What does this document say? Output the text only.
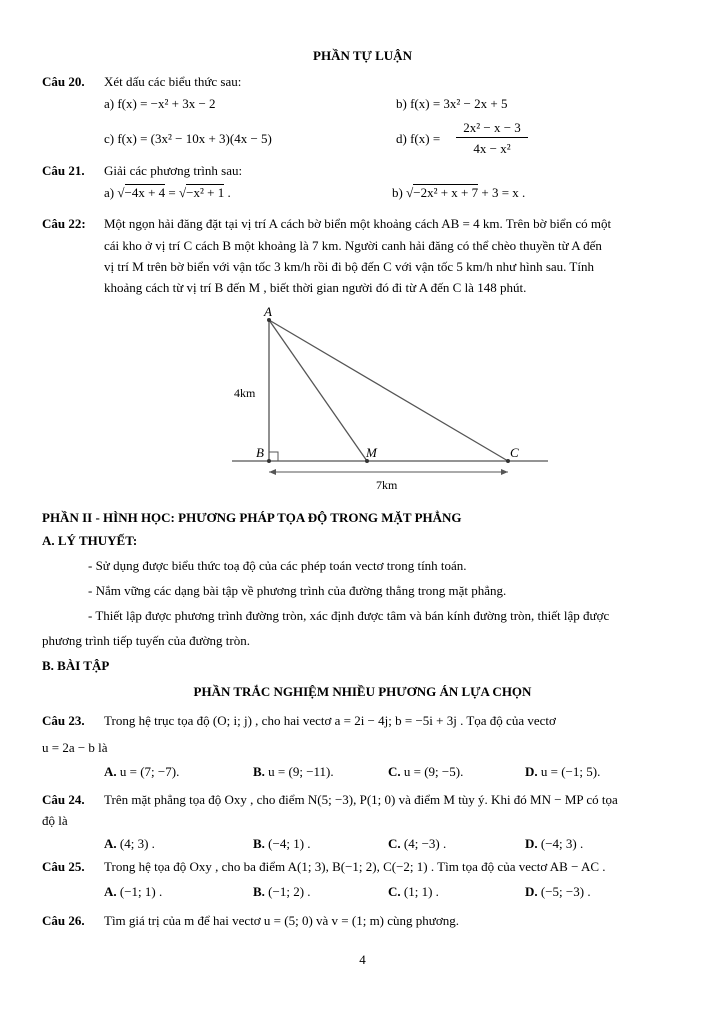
PHẦN TỰ LUẬN
Câu 20. Xét dấu các biểu thức sau:
a) f(x) = −x² + 3x − 2	b) f(x) = 3x² − 2x + 5
c) f(x) = (3x² − 10x + 3)(4x − 5)	d) f(x) =
2x² − x − 3
4x − x²
Câu 21. Giải các phương trình sau:
a) √−4x + 4 = √−x² + 1 .	b) √−2x² + x + 7 + 3 = x .
Câu 22: Một ngọn hải đăng đặt tại vị trí A cách bờ biển một khoảng cách AB = 4 km. Trên bờ biển có một
cái kho ở vị trí C cách B một khoảng là 7 km. Người canh hải đăng có thể chèo thuyền từ A đến
vị trí M trên bờ biển với vận tốc 3 km/h rồi đi bộ đến C với vận tốc 5 km/h như hình sau. Tính
khoảng cách từ vị trí B đến M , biết thời gian người đó đi từ A đến C là 148 phút.
A
B	M	C
4km
7km
PHẦN II - HÌNH HỌC: PHƯƠNG PHÁP TỌA ĐỘ TRONG MẶT PHẲNG
A. LÝ THUYẾT:
- Sử dụng được biểu thức toạ độ của các phép toán vectơ trong tính toán.
- Nắm vững các dạng bài tập về phương trình của đường thẳng trong mặt phẳng.
- Thiết lập được phương trình đường tròn, xác định được tâm và bán kính đường tròn, thiết lập được
phương trình tiếp tuyến của đường tròn.
B. BÀI TẬP
PHẦN TRẮC NGHIỆM NHIỀU PHƯƠNG ÁN LỰA CHỌN
Câu 23. Trong hệ trục tọa độ (O; i; j) , cho hai vectơ a = 2i − 4j; b = −5i + 3j . Tọa độ của vectơ
u = 2a − b là
A. u = (7; −7).	B. u = (9; −11).	C. u = (9; −5).	D. u = (−1; 5).
Câu 24. Trên mặt phẳng tọa độ Oxy , cho điểm N(5; −3), P(1; 0) và điểm M tùy ý. Khi đó MN − MP có tọa
độ là
A. (4; 3) .	B. (−4; 1) .	C. (4; −3) .	D. (−4; 3) .
Câu 25. Trong hệ tọa độ Oxy , cho ba điểm A(1; 3), B(−1; 2), C(−2; 1) . Tìm tọa độ của vectơ AB − AC .
A. (−1; 1) .	B. (−1; 2) .	C. (1; 1) .	D. (−5; −3) .
Câu 26. Tìm giá trị của m để hai vectơ u = (5; 0) và v = (1; m) cùng phương.
4
